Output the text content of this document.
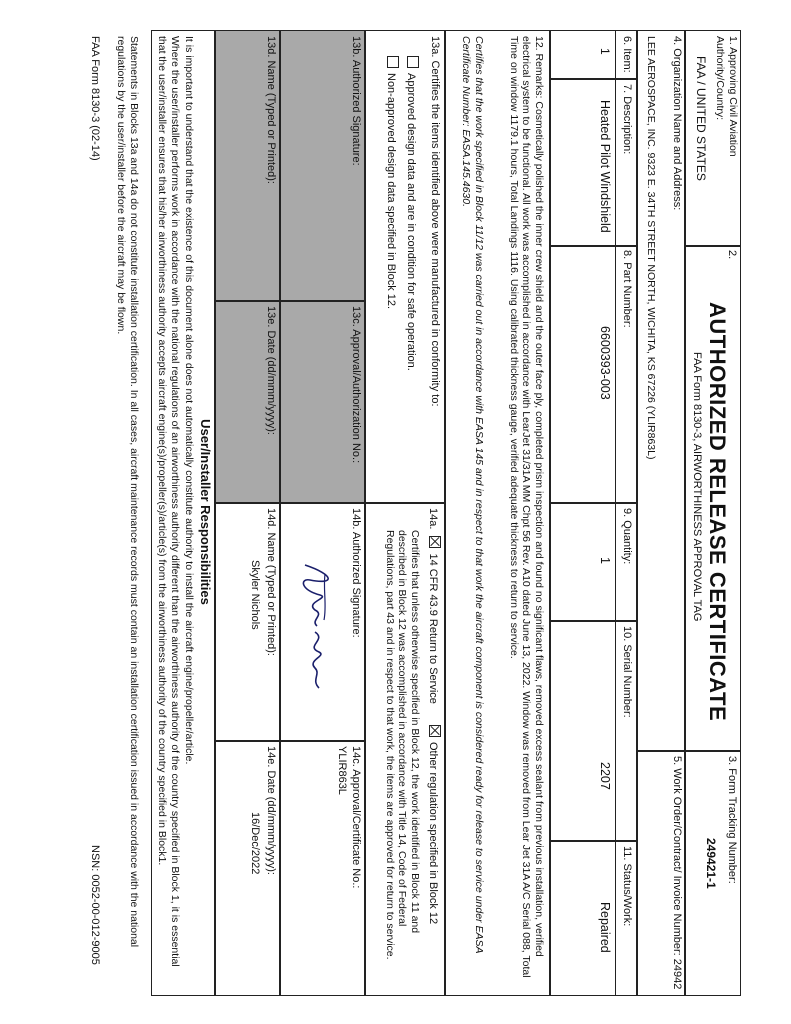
1. Approving Civil Aviation Authority/Country:
FAA / UNITED STATES
2.
AUTHORIZED RELEASE CERTIFICATE
FAA Form 8130-3, AIRWORTHINESS APPROVAL TAG
3. Form Tracking Number:
249421-1
4. Organization Name and Address:
LEE AEROSPACE, INC. 9323 E. 34TH STREET NORTH, WICHITA, KS 67226 (YLIR863L)
5. Work Order/Contract/ Invoice Number: 24942
6. Item:
7. Description:
8. Part Number:
9. Quantity:
10. Serial Number:
11. Status/Work:
1
Heated Pilot Windshield
6600393-003
1
2207
Repaired
12. Remarks: Cosmetically polished the inner crew shield and the outer face ply, completed prism inspection and found no significant flaws, removed excess sealant from previous installation, verified electrical system to be functional. All work was accomplished in accordance with LearJet 31/31A MM Chpt 56 Rev. A10 dated June 13, 2022. Window was removed from Lear Jet 31A A/C Serial 088, Total Time on window 1179.1 hours, Total Landings 1116. Using calibrated thickness gauge, verified adequate thickness to return to service.
Certifies that the work specified in Block 11/12 was carried out in accordance with EASA 145 and in respect to that work the aircraft component is considered ready for release to service under EASA Certificate Number: EASA.145.4630.
13a. Certifies the items identified above were manufactured in conformity to:
Approved design data and are in condition for safe operation.
Non-approved design data specified in Block 12.
13b. Authorized Signature:
13c. Approval/Authorization No.:
13d. Name (Typed or Printed):
13e. Date (dd/mmm/yyyy):
14a. 14 CFR 43.9 Return to Service Other regulation specified in Block 12
Certifies that unless otherwise specified in Block 12, the work identified in Block 11 and described in Block 12 was accomplished in accordance with Title 14, Code of Federal Regulations, part 43 and in respect to that work, the items are approved for return to service.
14b. Authorized Signature:
14c. Approval/Certificate No.:
YLIR863L
14d. Name (Typed or Printed):
Skyler Nichols
14e. Date (dd/mmm/yyyy):
16/Dec/2022
User/Installer Responsibilities
It is important to understand that the existence of this document alone does not automatically constitute authority to install the aircraft engine/propeller/article.
Where the user/installer performs work in accordance with the national regulations of an airworthiness authority different than the airworthiness authority of the country specified in Block 1, it is essential that the user/installer ensures that his/her airworthiness authority accepts aircraft engine(s)/propeller(s)/article(s) from the airworthiness authority of the country specified in Block1.
Statements in Blocks 13a and 14a do not constitute installation certification. In all cases, aircraft maintenance records must contain an installation certification issued in accordance with the national regulations by the user/installer before the aircraft may be flown.
FAA Form 8130-3 (02-14)
NSN: 0052-00-012-9005
